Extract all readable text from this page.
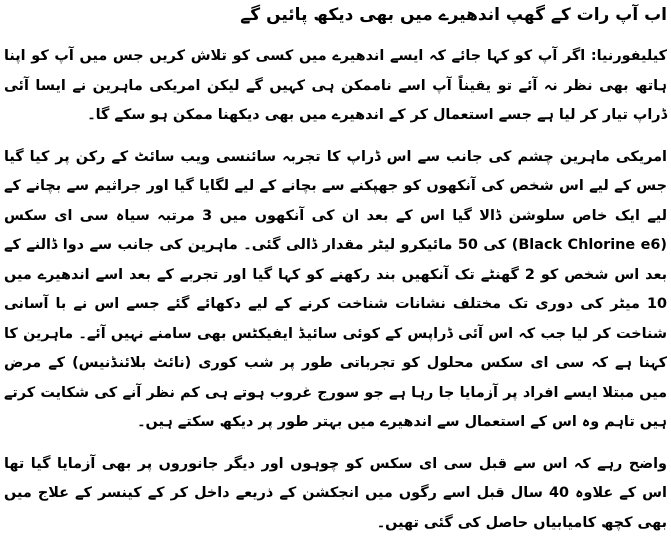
اب آپ رات کے گھپ اندھیرے میں بھی دیکھ پائیں گے

کیلیفورنیا: اگر آپ کو کہا جائے کہ ایسے اندھیرے میں کسی کو تلاش کریں جس میں آپ کو اپنا ہاتھ بھی نظر نہ آئے تو یقیناً آپ اسے ناممکن ہی کہیں گے لیکن امریکی ماہرین نے ایسا آئی ڈراپ تیار کر لیا ہے جسے استعمال کر کے اندھیرے میں بھی دیکھنا ممکن ہو سکے گا۔

امریکی ماہرین چشم کی جانب سے اس ڈراپ کا تجربہ سائنسی ویب سائٹ کے رکن پر کیا گیا جس کے لیے اس شخص کی آنکھوں کو جھپکنے سے بچانے کے لیے لگایا گیا اور جراثیم سے بچانے کے لیے ایک خاص سلوشن ڈالا گیا اس کے بعد ان کی آنکھوں میں 3 مرتبہ سیاہ سی ای سکس (Black Chlorine e6) کی 50 مائیکرو لیٹر مقدار ڈالی گئی۔ ماہرین کی جانب سے دوا ڈالنے کے بعد اس شخص کو 2 گھنٹے تک آنکھیں بند رکھنے کو کہا گیا اور تجربے کے بعد اسے اندھیرے میں 10 میٹر کی دوری تک مختلف نشانات شناخت کرنے کے لیے دکھائے گئے جسے اس نے با آسانی شناخت کر لیا جب کہ اس آئی ڈراپس کے کوئی سائیڈ ایفیکٹس بھی سامنے نہیں آئے۔ ماہرین کا کہنا ہے کہ سی ای سکس محلول کو تجرباتی طور پر شب کوری (نائٹ بلائنڈنیس) کے مرض میں مبتلا ایسے افراد پر آزمایا جا رہا ہے جو سورج غروب ہوتے ہی کم نظر آنے کی شکایت کرتے ہیں تاہم وہ اس کے استعمال سے اندھیرے میں بہتر طور پر دیکھ سکتے ہیں۔

واضح رہے کہ اس سے قبل سی ای سکس کو چوہوں اور دیگر جانوروں پر بھی آزمایا گیا تھا اس کے علاوہ 40 سال قبل اسے رگوں میں انجکشن کے ذریعے داخل کر کے کینسر کے علاج میں بھی کچھ کامیابیاں حاصل کی گئی تھیں۔
